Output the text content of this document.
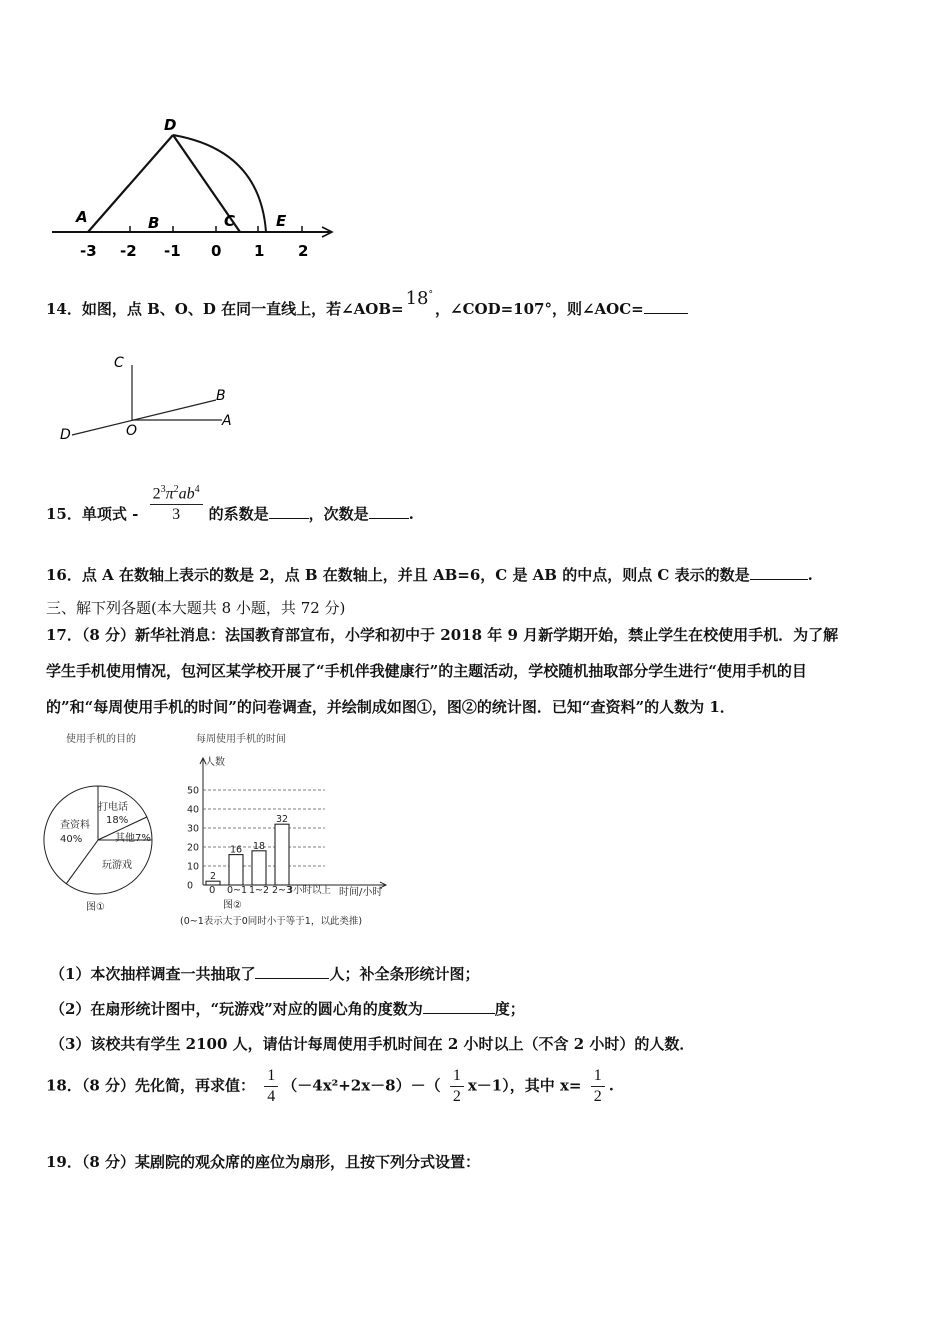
A	B	C
D
E
-3 -2 -1 0 1 2
14．如图，点 B、O、D 在同一直线上，若∠AOB= 18°，∠COD=107°，则∠AOC=
C
B
A
D	O
15．单项式 - $\frac{2^3\pi^2ab^4}{3}$ 的系数是	，次数是	.
16．点 A 在数轴上表示的数是 2，点 B 在数轴上，并且 AB=6，C 是 AB 的中点，则点 C 表示的数是	.
三、解下列各题(本大题共 8 小题，共 72 分)
17．（8 分）新华社消息：法国教育部宣布，小学和初中于 2018 年 9 月新学期开始，禁止学生在校使用手机．为了解
学生手机使用情况，包河区某学校开展了“手机伴我健康行”的主题活动，学校随机抽取部分学生进行“使用手机的目
的”和“每周使用手机的时间”的问卷调查，并绘制成如图①，图②的统计图．已知“查资料”的人数为 1．
使用手机的目的
查资料
40%
打电话
18%
其他7%
玩游戏
图①
每周使用手机的时间
0
10
20
30
40
50
2
16 18
32
0~1 1~2 2~3
3小时以上
人数
时间/小时
0
图②
(0~1表示大于0同时小于等于1，以此类推)
（1）本次抽样调查一共抽取了	人；补全条形统计图；
（2）在扇形统计图中，“玩游戏”对应的圆心角的度数为	度；
（3）该校共有学生 2100 人，请估计每周使用手机时间在 2 小时以上（不含 2 小时）的人数．
18．（8 分）先化简，再求值： $\frac{1}{4} (-4x^2+2x-8)-( \frac{1}{2} x-1)$，其中 $x= \frac{1}{2}$ .
19．（8 分）某剧院的观众席的座位为扇形，且按下列分式设置：
